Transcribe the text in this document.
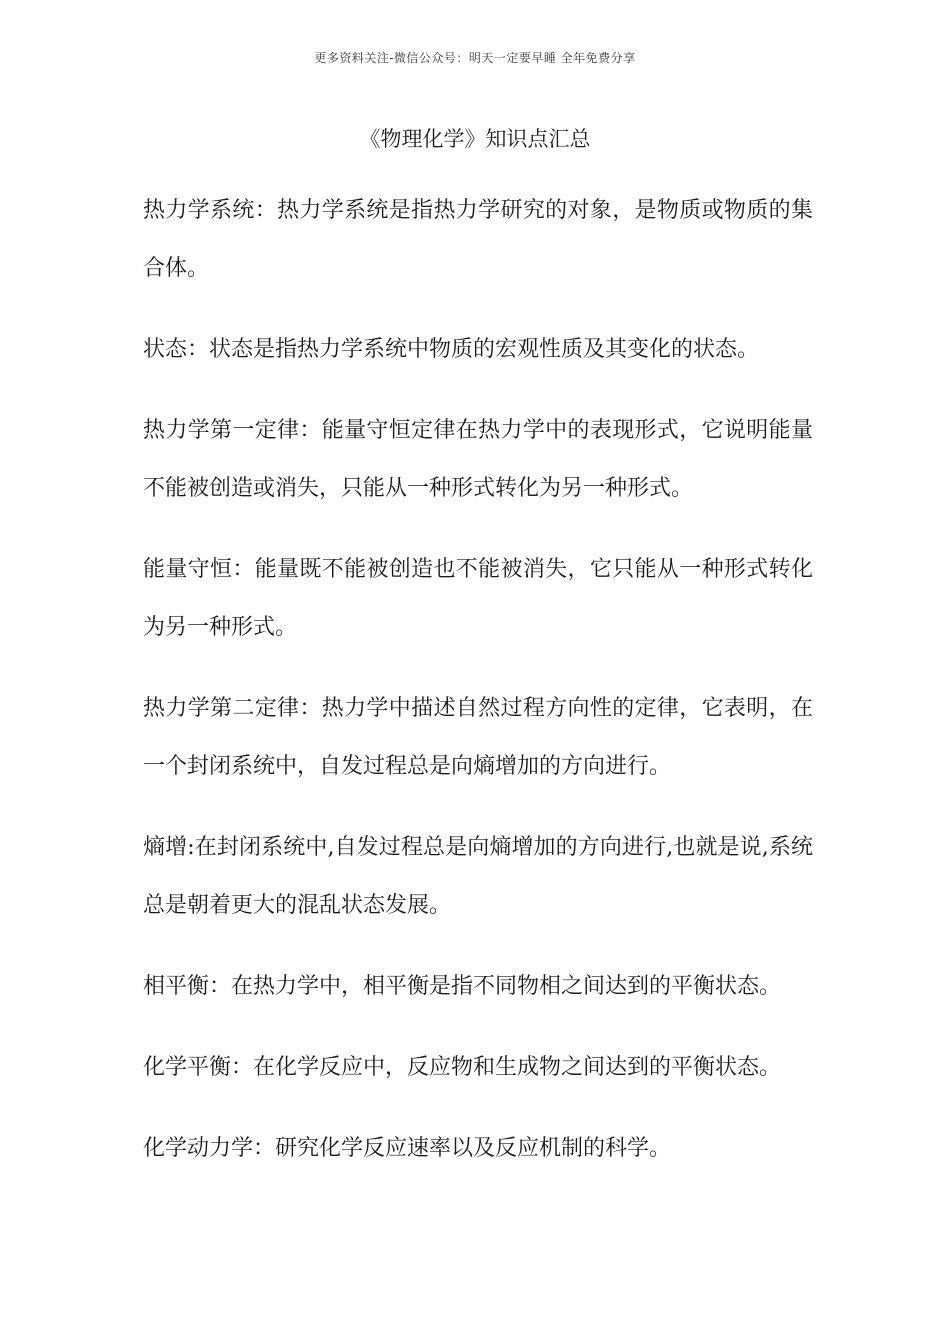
更多资料关注-微信公众号：明天一定要早睡 全年免费分享
《物理化学》知识点汇总

热力学系统：热力学系统是指热力学研究的对象，是物质或物质的集合体。

状态：状态是指热力学系统中物质的宏观性质及其变化的状态。

热力学第一定律：能量守恒定律在热力学中的表现形式，它说明能量不能被创造或消失，只能从一种形式转化为另一种形式。

能量守恒：能量既不能被创造也不能被消失，它只能从一种形式转化为另一种形式。

热力学第二定律：热力学中描述自然过程方向性的定律，它表明，在一个封闭系统中，自发过程总是向熵增加的方向进行。

熵增:在封闭系统中,自发过程总是向熵增加的方向进行,也就是说,系统总是朝着更大的混乱状态发展。

相平衡：在热力学中，相平衡是指不同物相之间达到的平衡状态。

化学平衡：在化学反应中，反应物和生成物之间达到的平衡状态。

化学动力学：研究化学反应速率以及反应机制的科学。
